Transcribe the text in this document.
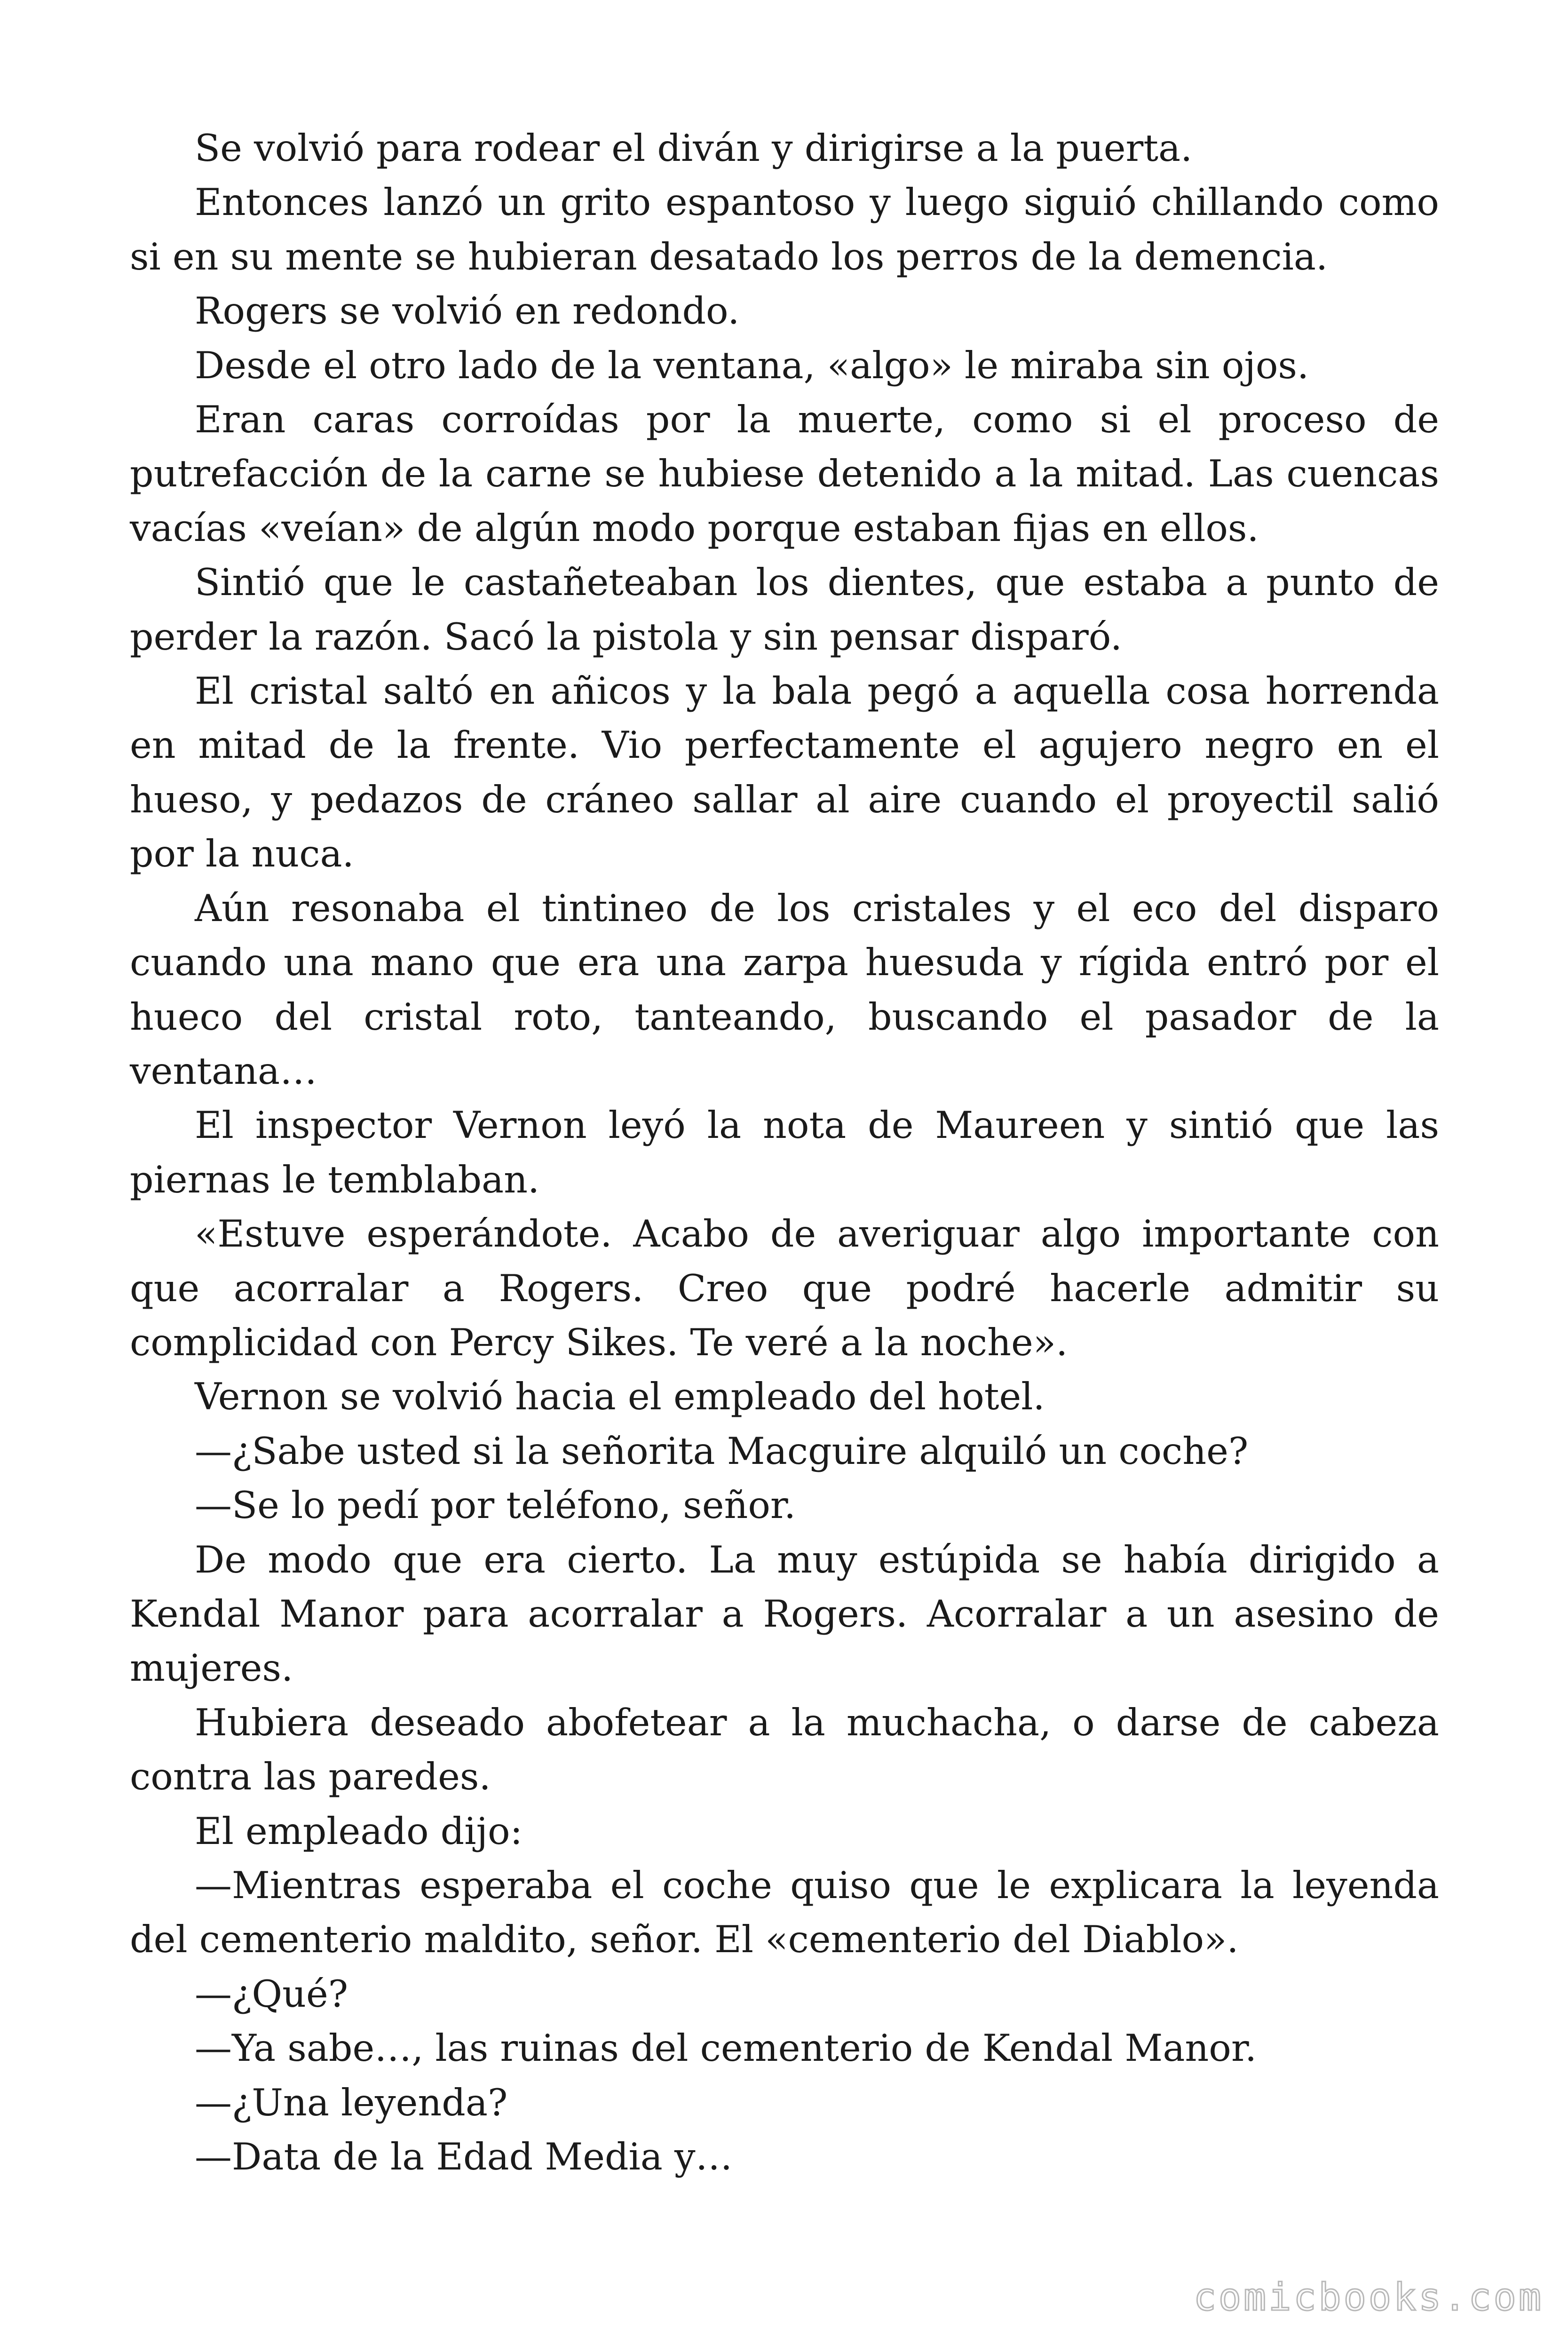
Se volvió para rodear el diván y dirigirse a la puerta.

Entonces lanzó un grito espantoso y luego siguió chillando como si en su mente se hubieran desatado los perros de la demencia.

Rogers se volvió en redondo.

Desde el otro lado de la ventana, «algo» le miraba sin ojos.

Eran caras corroídas por la muerte, como si el proceso de putrefacción de la carne se hubiese detenido a la mitad. Las cuencas vacías «veían» de algún modo porque estaban fijas en ellos.

Sintió que le castañeteaban los dientes, que estaba a punto de perder la razón. Sacó la pistola y sin pensar disparó.

El cristal saltó en añicos y la bala pegó a aquella cosa horrenda en mitad de la frente. Vio perfectamente el agujero negro en el hueso, y pedazos de cráneo sallar al aire cuando el proyectil salió por la nuca.

Aún resonaba el tintineo de los cristales y el eco del disparo cuando una mano que era una zarpa huesuda y rígida entró por el hueco del cristal roto, tanteando, buscando el pasador de la ventana…

El inspector Vernon leyó la nota de Maureen y sintió que las piernas le temblaban.

«Estuve esperándote. Acabo de averiguar algo importante con que acorralar a Rogers. Creo que podré hacerle admitir su complicidad con Percy Sikes. Te veré a la noche».

Vernon se volvió hacia el empleado del hotel.

—¿Sabe usted si la señorita Macguire alquiló un coche?

—Se lo pedí por teléfono, señor.

De modo que era cierto. La muy estúpida se había dirigido a Kendal Manor para acorralar a Rogers. Acorralar a un asesino de mujeres.

Hubiera deseado abofetear a la muchacha, o darse de cabeza contra las paredes.

El empleado dijo:

—Mientras esperaba el coche quiso que le explicara la leyenda del cementerio maldito, señor. El «cementerio del Diablo».

—¿Qué?

—Ya sabe…, las ruinas del cementerio de Kendal Manor.

—¿Una leyenda?

—Data de la Edad Media y…

comicbooks.com
